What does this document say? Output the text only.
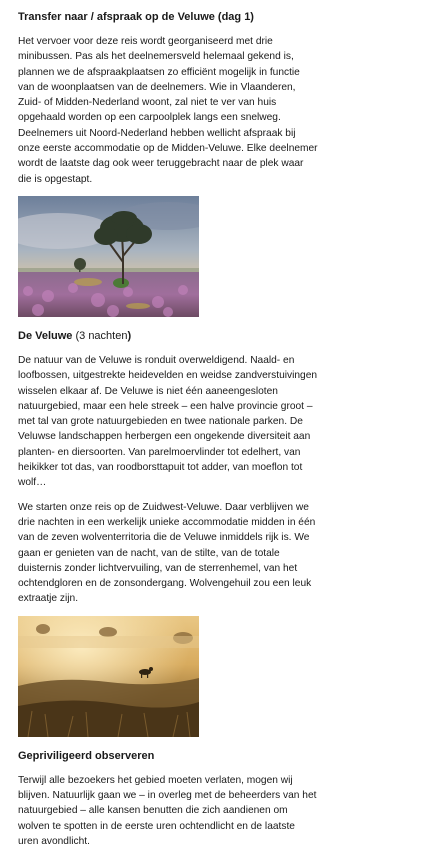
Transfer naar / afspraak op de Veluwe (dag 1)

Het vervoer voor deze reis wordt georganiseerd met drie minibussen. Pas als het deelnemersveld helemaal gekend is, plannen we de afspraakplaatsen zo efficiënt mogelijk in functie van de woonplaatsen van de deelnemers. Wie in Vlaanderen, Zuid- of Midden-Nederland woont, zal niet te ver van huis opgehaald worden op een carpoolplek langs een snelweg. Deelnemers uit Noord-Nederland hebben wellicht afspraak bij onze eerste accommodatie op de Midden-Veluwe. Elke deelnemer wordt de laatste dag ook weer teruggebracht naar de plek waar die is opgestapt.

De Veluwe (3 nachten)

De natuur van de Veluwe is ronduit overweldigend. Naald- en loofbossen, uitgestrekte heidevelden en weidse zandverstuivingen wisselen elkaar af. De Veluwe is niet één aaneengesloten natuurgebied, maar een hele streek – een halve provincie groot – met tal van grote natuurgebieden en twee nationale parken. De Veluwse landschappen herbergen een ongekende diversiteit aan planten- en diersoorten. Van parelmoervlinder tot edelhert, van heikikker tot das, van roodborsttapuit tot adder, van moeflon tot wolf…

We starten onze reis op de Zuidwest-Veluwe. Daar verblijven we drie nachten in een werkelijk unieke accommodatie midden in één van de zeven wolventerritoria die de Veluwe inmiddels rijk is. We gaan er genieten van de nacht, van de stilte, van de totale duisternis zonder lichtvervuiling, van de sterrenhemel, van het ochtendgloren en de zonsondergang. Wolvengehuil zou een leuk extraatje zijn.

Gepriviligeerd observeren

Terwijl alle bezoekers het gebied moeten verlaten, mogen wij blijven. Natuurlijk gaan we – in overleg met de beheerders van het natuurgebied – alle kansen benutten die zich aandienen om wolven te spotten in de eerste uren ochtendlicht en de laatste uren avondlicht.
